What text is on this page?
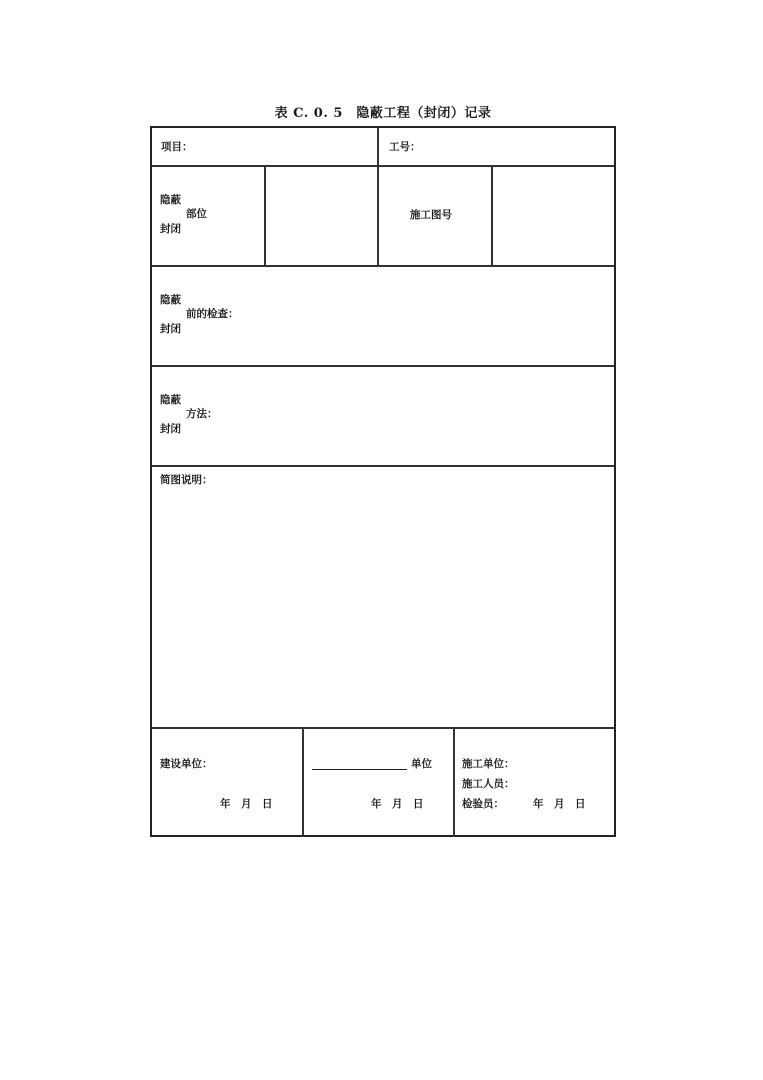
表 C. 0. 5　隐蔽工程（封闭）记录
项目：	工号：
隐蔽
部位
封闭
施工图号
隐蔽
前的检查：
封闭
隐蔽
方法：
封闭
简图说明：
建设单位：
年　月　日
单位
年　月　日
施工单位：
施工人员：
检验员：	年　月　日
